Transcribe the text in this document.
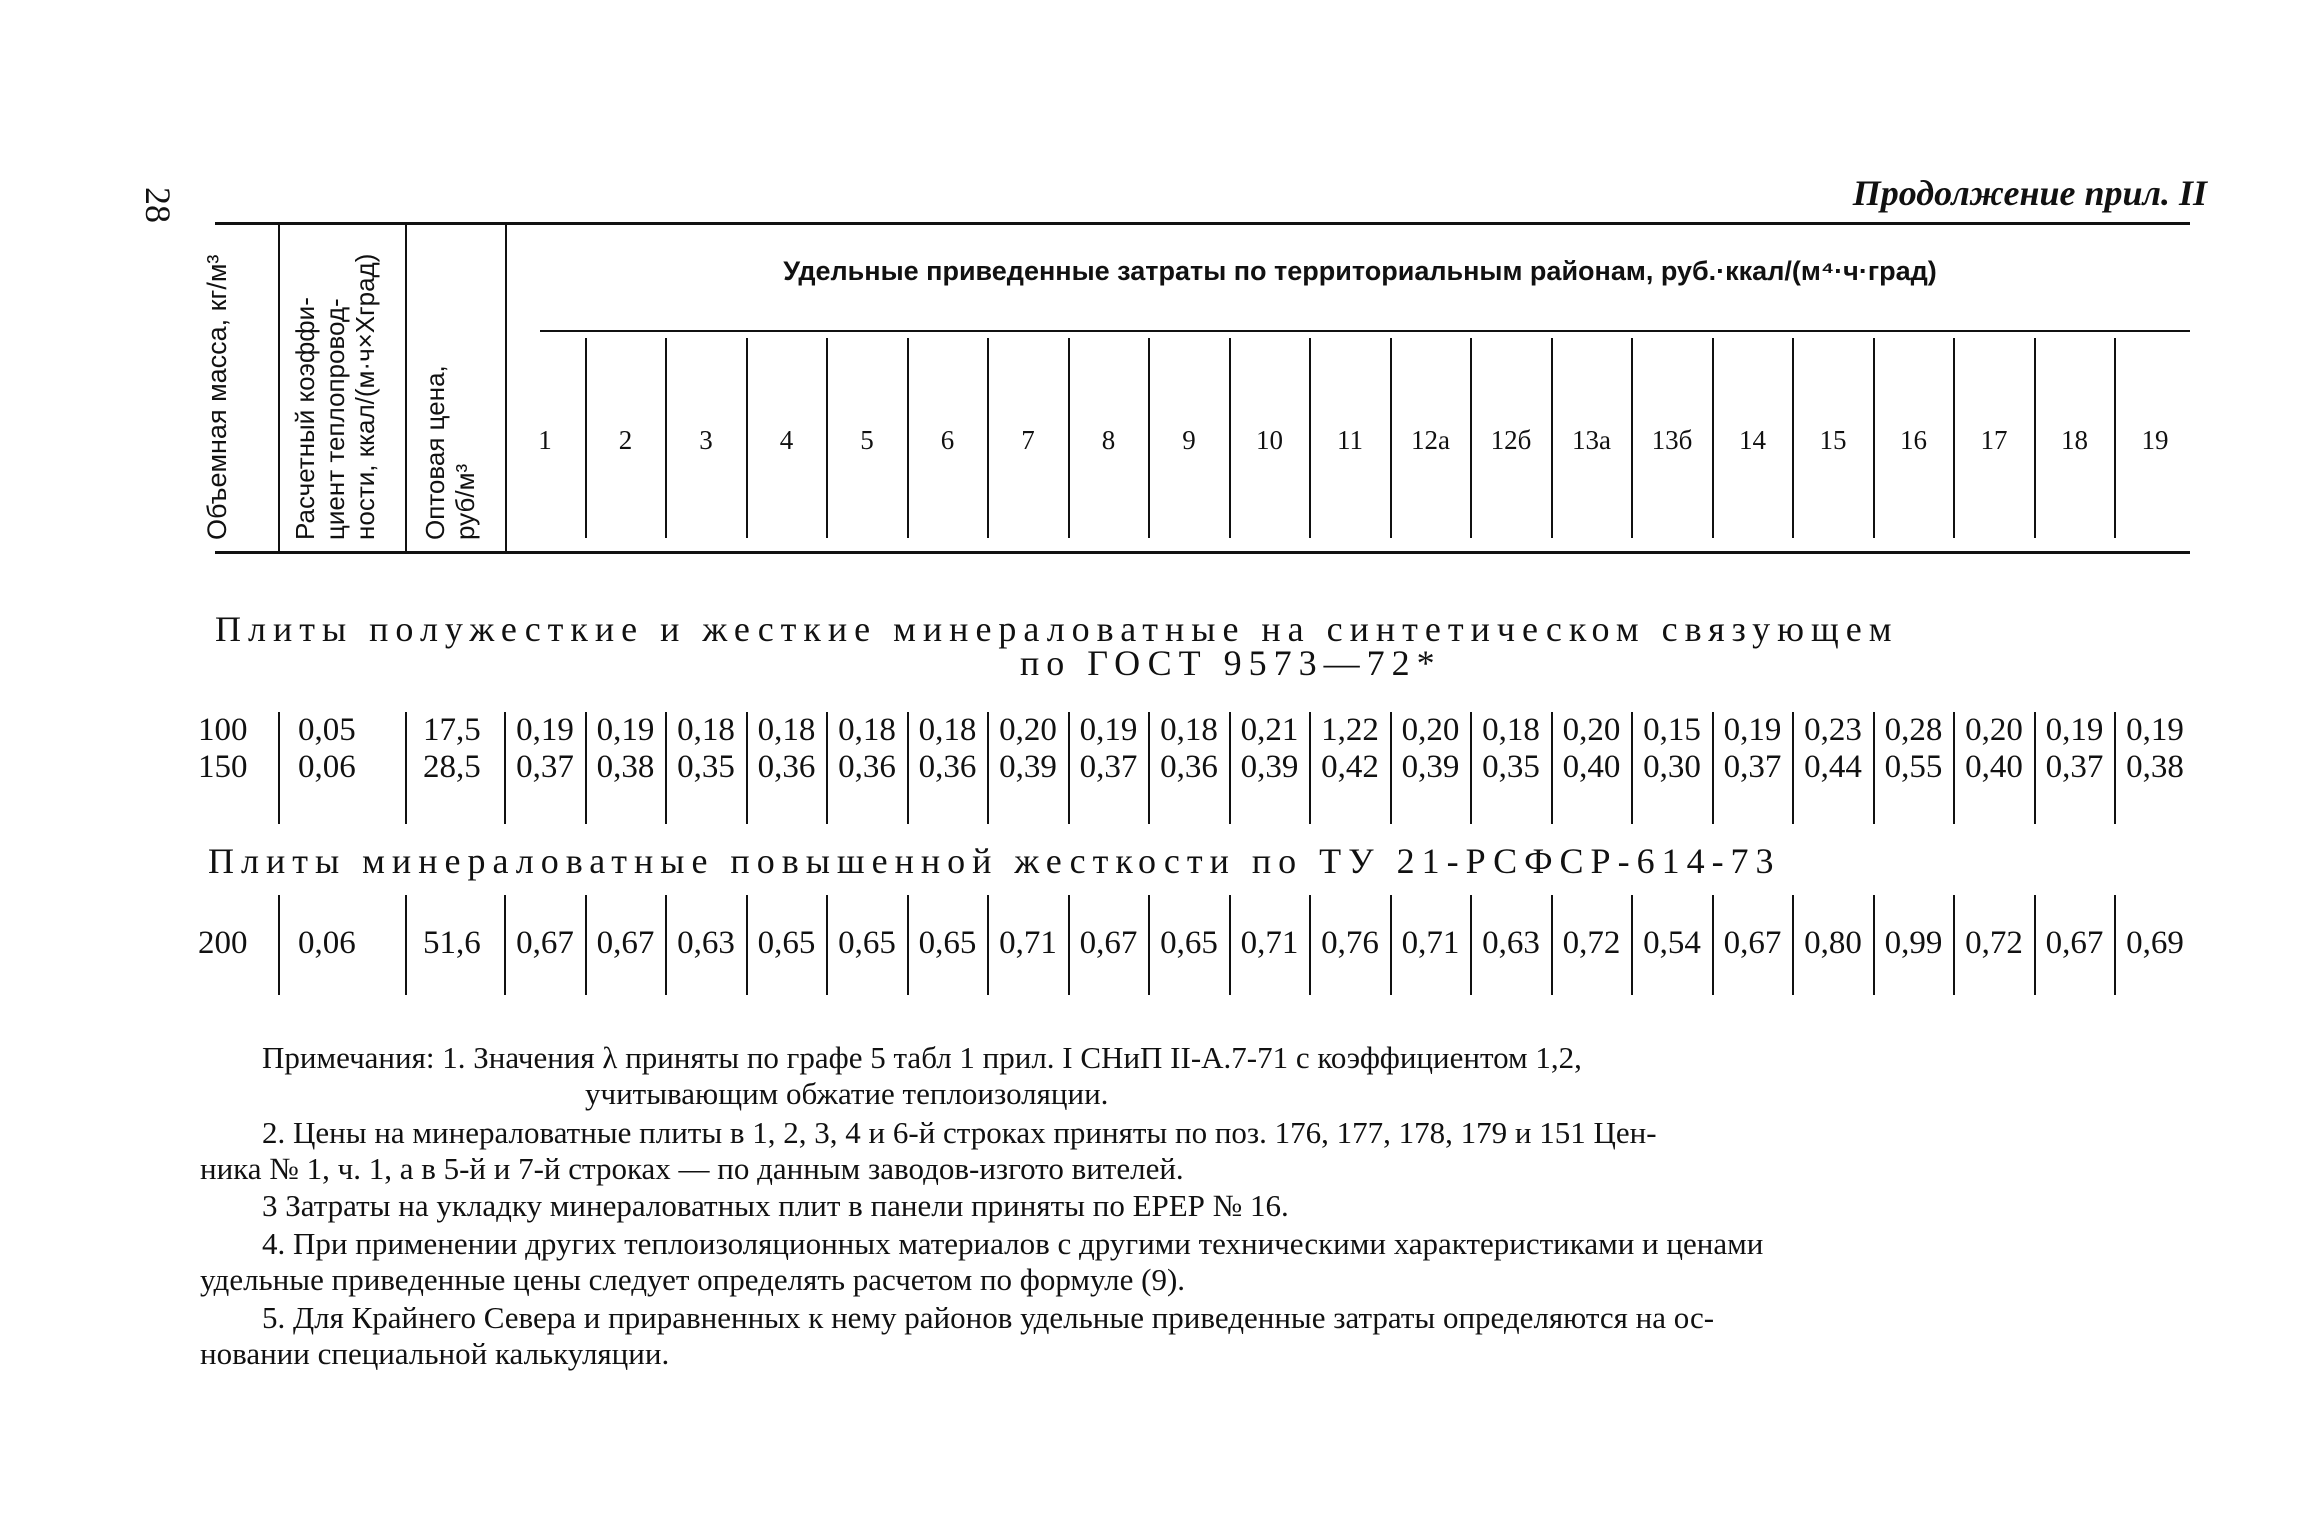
28	Продолжение прил. II
Объемная масса, кг/м³ Расчетный коэффи-циент теплопровод-ности, ккал/(м·ч×Хград) Оптовая цена, руб/м³
Удельные приведенные затраты по территориальным районам, руб.·ккал/(м⁴·ч·град)
1	2	3	4	5	6	7	8	9	10	11	12а	12б	13а	13б	14	15	16	17	18	19
Плиты полужесткие и жесткие минераловатные на синтетическом связующем
по ГОСТ 9573—72*
100 0,05 17,5	0,19 0,19 0,18 0,18 0,18 0,18 0,20 0,19 0,18 0,21 1,22 0,20 0,18 0,20 0,15 0,19 0,23 0,28 0,20 0,19 0,19
150 0,06 28,5	0,37 0,38 0,35 0,36 0,36 0,36 0,39 0,37 0,36 0,39 0,42 0,39 0,35 0,40 0,30 0,37 0,44 0,55 0,40 0,37 0,38
Плиты минераловатные повышенной жесткости по ТУ 21-РСФСР-614-73
200 0,06 51,6	0,67 0,67 0,63 0,65 0,65 0,65 0,71 0,67 0,65 0,71 0,76 0,71 0,63 0,72 0,54 0,67 0,80 0,99 0,72 0,67 0,69
Примечания: 1. Значения λ приняты по графе 5 табл 1 прил. I СНиП II-А.7-71 с коэффициентом 1,2,
учитывающим обжатие теплоизоляции.
2. Цены на минераловатные плиты в 1, 2, 3, 4 и 6-й строках приняты по поз. 176, 177, 178, 179 и 151 Цен-
ника № 1, ч. 1, а в 5-й и 7-й строках — по данным заводов-изгото вителей.
3 Затраты на укладку минераловатных плит в панели приняты по ЕРЕР № 16.
4. При применении других теплоизоляционных материалов с другими техническими характеристиками и ценами
удельные приведенные цены следует определять расчетом по формуле (9).
5. Для Крайнего Севера и приравненных к нему районов удельные приведенные затраты определяются на ос-
новании специальной калькуляции.
